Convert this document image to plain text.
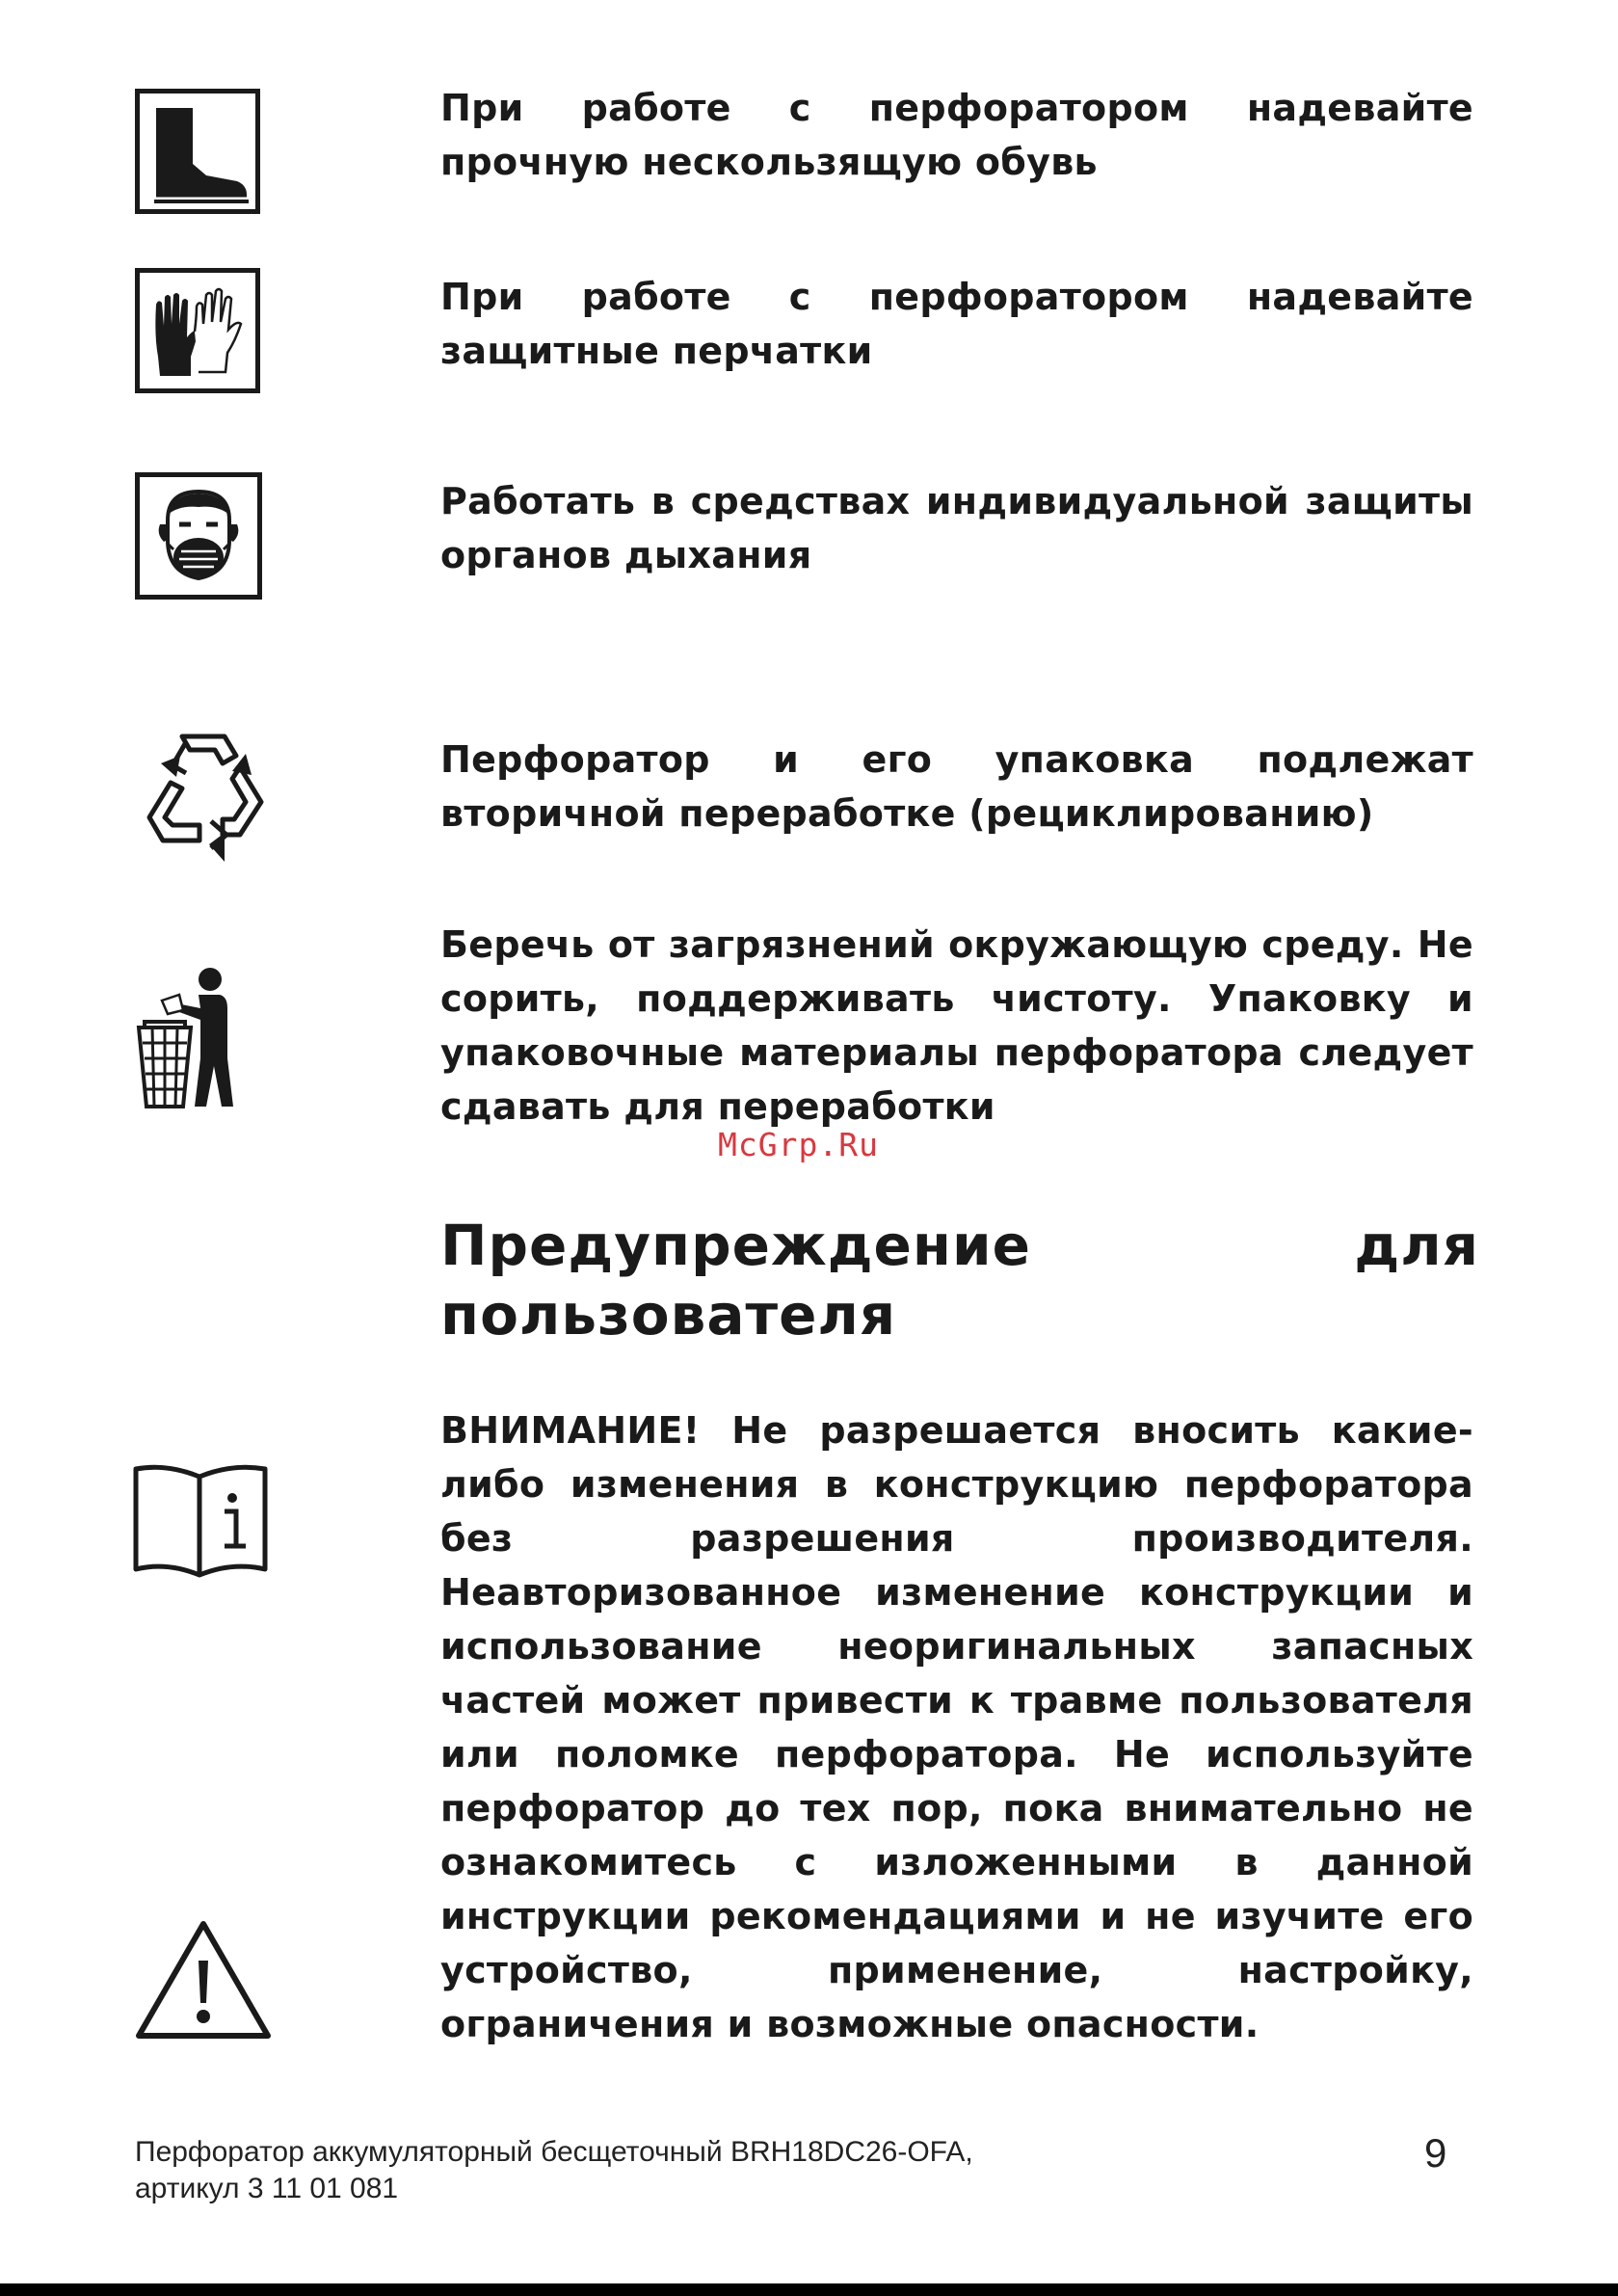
При работе с перфоратором надевайте прочную нескользящую обувь

При работе с перфоратором надевайте защитные перчатки

Работать в средствах индивидуальной защиты органов дыхания

Перфоратор и его упаковка подлежат вторичной переработке (рециклированию)

Беречь от загрязнений окружающую среду. Не сорить, поддерживать чистоту. Упаковку и упаковочные материалы перфоратора следует сдавать для переработки

McGrp.Ru
Предупреждение для пользователя

ВНИМАНИЕ! Не разрешается вносить какие-либо изменения в конструкцию перфоратора без разрешения производителя. Неавторизованное изменение конструкции и использование неоригинальных запасных частей может привести к травме пользователя или поломке перфоратора. Не используйте перфоратор до тех пор, пока внимательно не ознакомитесь с изложенными в данной инструкции рекомендациями и не изучите его устройство, применение, настройку, ограничения и возможные опасности.

Перфоратор аккумуляторный бесщеточный BRH18DC26-OFA,
артикул 3 11 01 081
9
